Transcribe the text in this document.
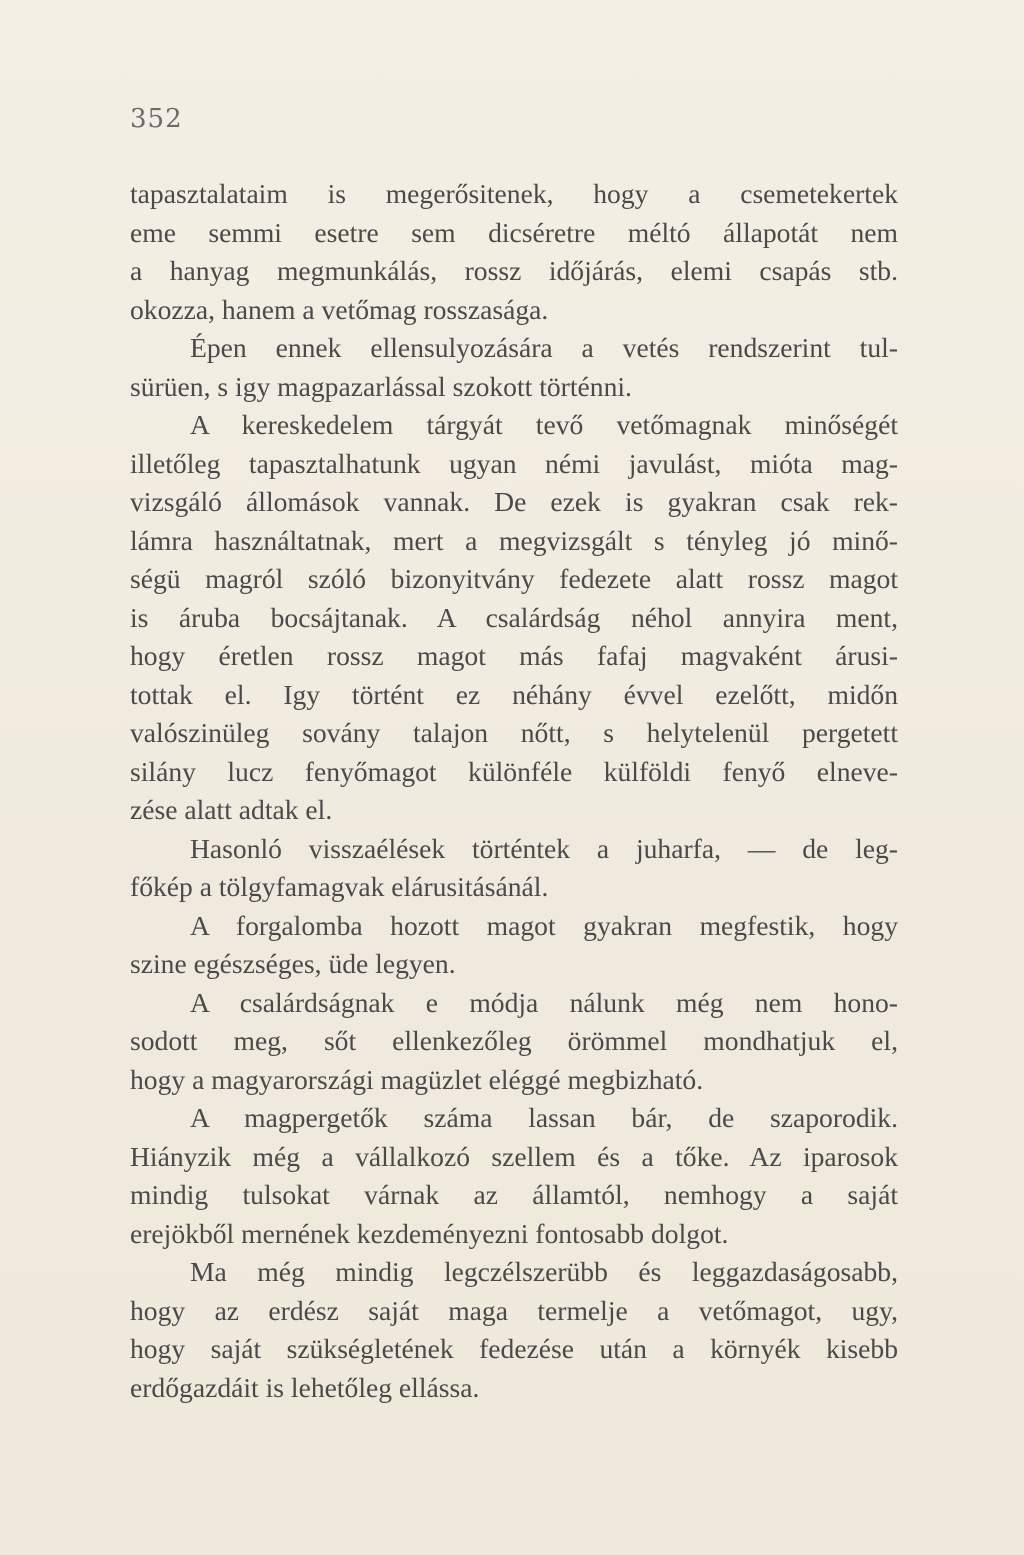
352
tapasztalataim is megerősitenek, hogy a csemetekertek
eme semmi esetre sem dicséretre méltó állapotát nem
a hanyag megmunkálás, rossz időjárás, elemi csapás stb.
okozza, hanem a vetőmag rosszasága.
Épen ennek ellensulyozására a vetés rendszerint tul-
sürüen, s igy magpazarlással szokott történni.
A kereskedelem tárgyát tevő vetőmagnak minőségét
illetőleg tapasztalhatunk ugyan némi javulást, mióta mag-
vizsgáló állomások vannak. De ezek is gyakran csak rek-
lámra használtatnak, mert a megvizsgált s tényleg jó minő-
ségü magról szóló bizonyitvány fedezete alatt rossz magot
is áruba bocsájtanak. A csalárdság néhol annyira ment,
hogy éretlen rossz magot más fafaj magvaként árusi-
tottak el. Igy történt ez néhány évvel ezelőtt, midőn
valószinüleg sovány talajon nőtt, s helytelenül pergetett
silány lucz fenyőmagot különféle külföldi fenyő elneve-
zése alatt adtak el.
Hasonló visszaélések történtek a juharfa, — de leg-
főkép a tölgyfamagvak elárusitásánál.
A forgalomba hozott magot gyakran megfestik, hogy
szine egészséges, üde legyen.
A csalárdságnak e módja nálunk még nem hono-
sodott meg, sőt ellenkezőleg örömmel mondhatjuk el,
hogy a magyarországi magüzlet eléggé megbizható.
A magpergetők száma lassan bár, de szaporodik.
Hiányzik még a vállalkozó szellem és a tőke. Az iparosok
mindig tulsokat várnak az államtól, nemhogy a saját
erejökből mernének kezdeményezni fontosabb dolgot.
Ma még mindig legczélszerübb és leggazdaságosabb,
hogy az erdész saját maga termelje a vetőmagot, ugy,
hogy saját szükségletének fedezése után a környék kisebb
erdőgazdáit is lehetőleg ellássa.
